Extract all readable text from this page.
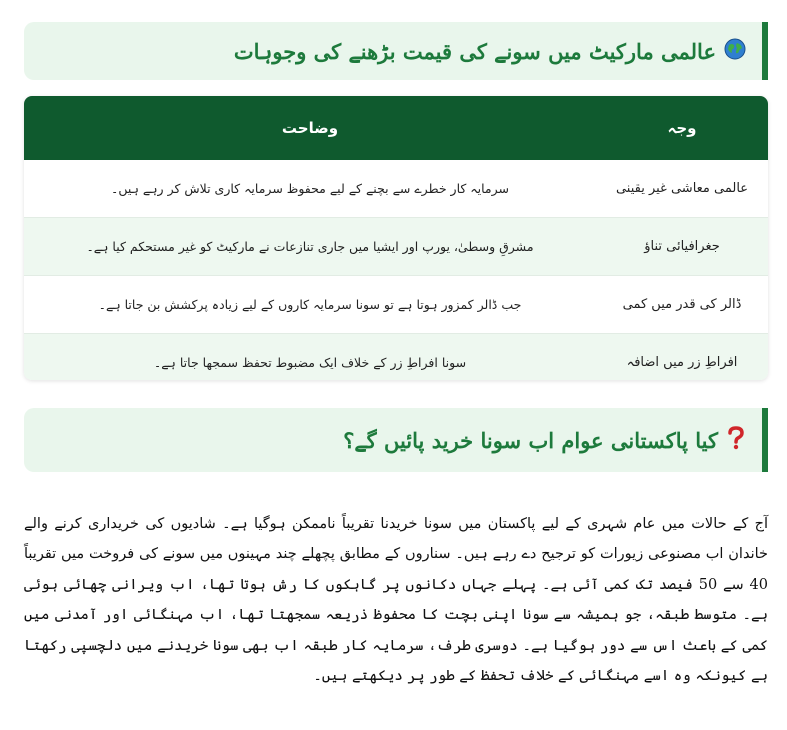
عالمی مارکیٹ میں سونے کی قیمت بڑھنے کی وجوہات
وجہ	وضاحت
عالمی معاشی غیر یقینی	سرمایہ کار خطرے سے بچنے کے لیے محفوظ سرمایہ کاری تلاش کر رہے ہیں۔
جغرافیائی تناؤ	مشرقِ وسطیٰ، یورپ اور ایشیا میں جاری تنازعات نے مارکیٹ کو غیر مستحکم کیا ہے۔
ڈالر کی قدر میں کمی	جب ڈالر کمزور ہوتا ہے تو سونا سرمایہ کاروں کے لیے زیادہ پرکشش بن جاتا ہے۔
افراطِ زر میں اضافہ	سونا افراطِ زر کے خلاف ایک مضبوط تحفظ سمجھا جاتا ہے۔
کیا پاکستانی عوام اب سونا خرید پائیں گے؟

آج کے حالات میں عام شہری کے لیے پاکستان میں سونا خریدنا تقریباً ناممکن ہوگیا ہے۔ شادیوں کی خریداری کرنے والے خاندان اب مصنوعی زیورات کو ترجیح دے رہے ہیں۔ سناروں کے مطابق پچھلے چند مہینوں میں سونے کی فروخت میں تقریباً 40 سے 50 فیصد تک کمی آئی ہے۔ پہلے جہاں دکانوں پر گاہکوں کا رش ہوتا تھا، اب ویرانی چھائی ہوئی ہے۔ متوسط طبقہ، جو ہمیشہ سے سونا اپنی بچت کا محفوظ ذریعہ سمجھتا تھا، اب مہنگائی اور آمدنی میں کمی کے باعث اس سے دور ہوگیا ہے۔ دوسری طرف، سرمایہ کار طبقہ اب بھی سونا خریدنے میں دلچسپی رکھتا ہے کیونکہ وہ اسے مہنگائی کے خلاف تحفظ کے طور پر دیکھتے ہیں۔
